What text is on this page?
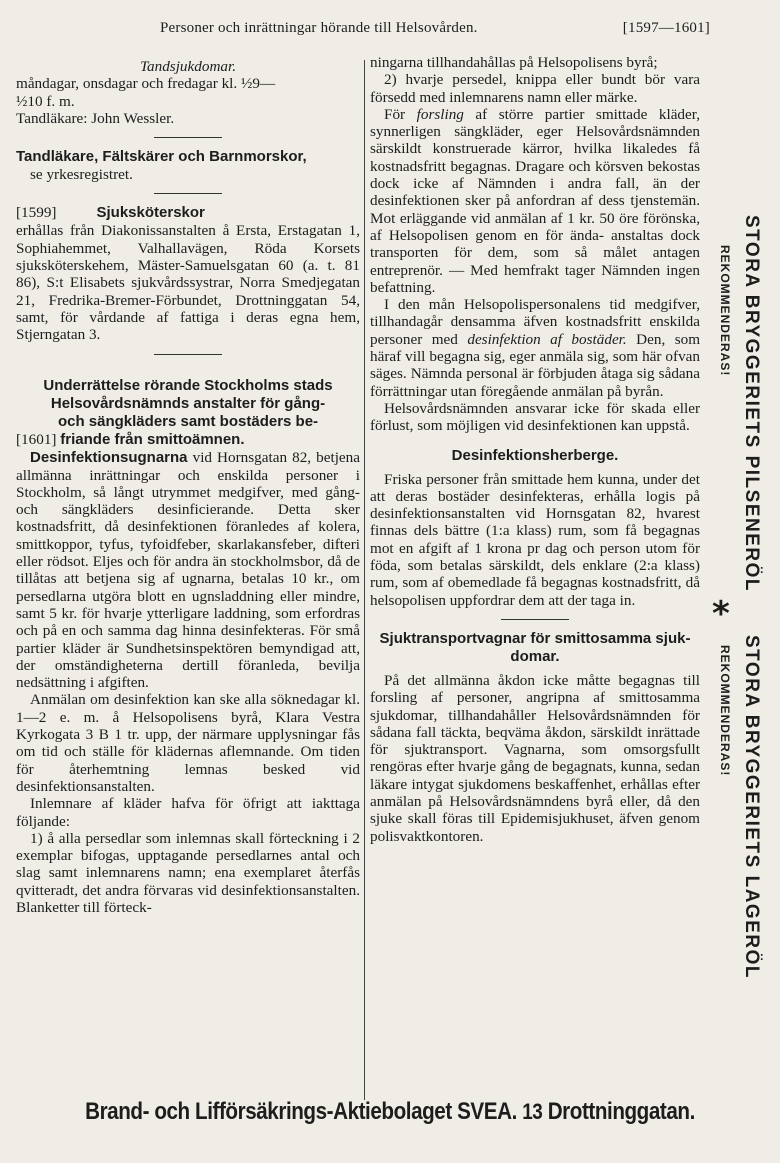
Personer och inrättningar hörande till Helsovården.	[1597—1601]

Tandsjukdomar.

måndagar, onsdagar och fredagar kl. ½9—
½10 f. m.
Tandläkare: John Wessler.

Tandläkare, Fältskärer och Barnmorskor,

se yrkesregistret.

[1599]	Sjuksköterskor

erhållas från Diakonissanstalten å Ersta, Erstagatan 1, Sophiahemmet, Valhallavägen, Röda Korsets sjuksköterskehem, Mäster-Samuelsgatan 60 (a. t. 81 86), S:t Elisabets sjukvårdssystrar, Norra Smedjegatan 21, Fredrika-Bremer-Förbundet, Drottninggatan 54, samt, för vårdande af fattiga i deras egna hem, Stjerngatan 3.

Underrättelse rörande Stockholms stads

Helsovårdsnämnds anstalter för gång-

och sängkläders samt bostäders be-

[1601] friande från smittoämnen.

Desinfektionsugnarna vid Hornsgatan 82, betjena allmänna inrättningar och enskilda personer i Stockholm, så långt utrymmet medgifver, med gång- och sängkläders desinficierande. Detta sker kostnadsfritt, då desinfektionen föranledes af kolera, smittkoppor, tyfus, tyfoidfeber, skarlakansfeber, difteri eller rödsot. Eljes och för andra än stockholmsbor, då de tillåtas att betjena sig af ugnarna, betalas 10 kr., om persedlarna utgöra blott en ugnsladdning eller mindre, samt 5 kr. för hvarje ytterligare laddning, som erfordras och på en och samma dag hinna desinfekteras. För små partier kläder är Sundhetsinspektören bemyndigad att, der omständigheterna dertill föranleda, bevilja nedsättning i afgiften.

Anmälan om desinfektion kan ske alla söknedagar kl. 1—2 e. m. å Helsopolisens byrå, Klara Vestra Kyrkogata 3 B 1 tr. upp, der närmare upplysningar fås om tid och ställe för klädernas aflemnande. Om tiden för återhemtning lemnas besked vid desinfektionsanstalten.

Inlemnare af kläder hafva för öfrigt att iakttaga följande:

1) å alla persedlar som inlemnas skall förteckning i 2 exemplar bifogas, upptagande persedlarnes antal och slag samt inlemnarens namn; ena exemplaret återfås qvitteradt, det andra förvaras vid desinfektionsanstalten. Blanketter till förteck-

ningarna tillhandahållas på Helsopolisens byrå;

2) hvarje persedel, knippa eller bundt bör vara försedd med inlemnarens namn eller märke.

För forsling af större partier smittade kläder, synnerligen sängkläder, eger Helsovårdsnämnden särskildt konstruerade kärror, hvilka likaledes få kostnadsfritt begagnas. Dragare och körsven bekostas dock icke af Nämnden i andra fall, än der desinfektionen sker på anfordran af dess tjenstemän. Mot erläggande vid anmälan af 1 kr. 50 öre förönska, af Helsopolisen genom en för ända- anstaltas dock transporten för dem, som så målet antagen entreprenör. — Med hemfrakt tager Nämnden ingen befattning.

I den mån Helsopolispersonalens tid medgifver, tillhandagår densamma äfven kostnadsfritt enskilda personer med desinfektion af bostäder. Den, som häraf vill begagna sig, eger anmäla sig, som här ofvan säges. Nämnda personal är förbjuden åtaga sig sådana förrättningar utan föregående anmälan på byrån.

Helsovårdsnämnden ansvarar icke för skada eller förlust, som möjligen vid desinfektionen kan uppstå.

Desinfektionsherberge.

Friska personer från smittade hem kunna, under det att deras bostäder desinfekteras, erhålla logis på desinfektionsanstalten vid Hornsgatan 82, hvarest finnas dels bättre (1:a klass) rum, som få begagnas mot en afgift af 1 krona pr dag och person utom för föda, som betalas särskildt, dels enklare (2:a klass) rum, som af obemedlade få begagnas kostnadsfritt, då helsopolisen uppfordrar dem att der taga in.

Sjuktransportvagnar för smittosamma sjuk-

domar.

På det allmänna åkdon icke måtte begagnas till forsling af personer, angripna af smittosamma sjukdomar, tillhandahåller Helsovårdsnämnden för sådana fall täckta, beqväma åkdon, särskildt inrättade för sjuktransport. Vagnarna, som omsorgsfullt rengöras efter hvarje gång de begagnats, kunna, sedan läkare intygat sjukdomens beskaffenhet, erhållas efter anmälan på Helsovårdsnämndens byrå eller, då den sjuke skall föras till Epidemisjukhuset, äfven genom polisvaktkontoren.

STORA BRYGGERIETS PILSENERÖL
REKOMMENDERAS!
STORA BRYGGERIETS LAGERÖL
REKOMMENDERAS!
*
Brand- och Lifförsäkrings-Aktiebolaget SVEA. 13 Drottninggatan.
